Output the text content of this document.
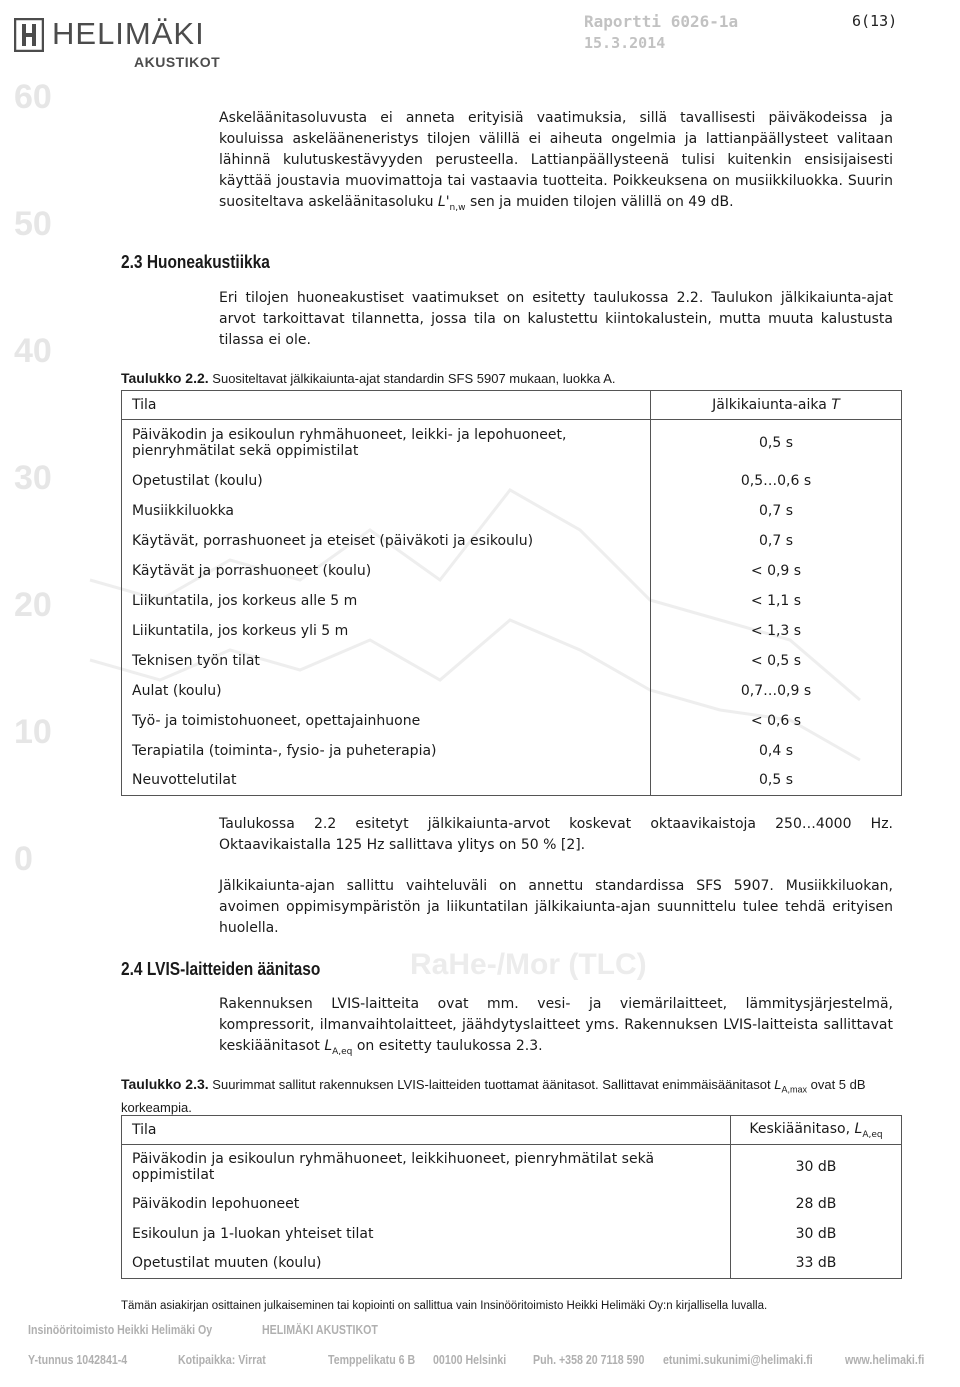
60
50
40
30
20
10
0
RaHe-/Mor (TLC)
HELIMÄKI
AKUSTIKOT
Raportti 6026-1a
15.3.2014
6(13)
Askeläänitasoluvusta ei anneta erityisiä vaatimuksia, sillä tavallisesti päiväkodeissa ja kouluissa askelääneneristys tilojen välillä ei aiheuta ongelmia ja lattianpäällysteet valitaan lähinnä kulutuskestävyyden perusteella. Lattianpäällysteenä tulisi kuitenkin ensisijaisesti käyttää joustavia muovimattoja tai vastaavia tuotteita. Poikkeuksena on musiikkiluokka. Suurin suositeltava askeläänitasoluku $L'_{n,w}$ sen ja muiden tilojen välillä on 49 dB.
2.3 Huoneakustiikka
Eri tilojen huoneakustiset vaatimukset on esitetty taulukossa 2.2. Taulukon jälkikaiunta-ajat arvot tarkoittavat tilannetta, jossa tila on kalustettu kiintokalustein, mutta muuta kalustusta tilassa ei ole.
Taulukko 2.2. Suositeltavat jälkikaiunta-ajat standardin SFS 5907 mukaan, luokka A.
Tila	Jälkikaiunta-aika T
Päiväkodin ja esikoulun ryhmähuoneet, leikki- ja lepohuoneet, pienryhmätilat sekä oppimistilat	0,5 s
Opetustilat (koulu)	0,5…0,6 s
Musiikkiluokka	0,7 s
Käytävät, porrashuoneet ja eteiset (päiväkoti ja esikoulu)	0,7 s
Käytävät ja porrashuoneet (koulu)	< 0,9 s
Liikuntatila, jos korkeus alle 5 m	< 1,1 s
Liikuntatila, jos korkeus yli 5 m	< 1,3 s
Teknisen työn tilat	< 0,5 s
Aulat (koulu)	0,7…0,9 s
Työ- ja toimistohuoneet, opettajainhuone	< 0,6 s
Terapiatila (toiminta-, fysio- ja puheterapia)	0,4 s
Neuvottelutilat	0,5 s
Taulukossa 2.2 esitetyt jälkikaiunta-arvot koskevat oktaavikaistoja 250…4000 Hz. Oktaavikaistalla 125 Hz sallittava ylitys on 50 % [2].
Jälkikaiunta-ajan sallittu vaihteluväli on annettu standardissa SFS 5907. Musiikkiluokan, avoimen oppimisympäristön ja liikuntatilan jälkikaiunta-ajan suunnittelu tulee tehdä erityisen huolella.
2.4 LVIS-laitteiden äänitaso
Rakennuksen LVIS-laitteita ovat mm. vesi- ja viemärilaitteet, lämmitysjärjestelmä, kompressorit, ilmanvaihtolaitteet, jäähdytyslaitteet yms. Rakennuksen LVIS-laitteista sallittavat keskiäänitasot $L_{A,eq}$ on esitetty taulukossa 2.3.
Taulukko 2.3. Suurimmat sallitut rakennuksen LVIS-laitteiden tuottamat äänitasot. Sallittavat enimmäisäänitasot $L_{A,max}$ ovat 5 dB korkeampia.
Tila	Keskiäänitaso, $L_{A,eq}$
Päiväkodin ja esikoulun ryhmähuoneet, leikkihuoneet, pienryhmätilat sekä oppimistilat	30 dB
Päiväkodin lepohuoneet	28 dB
Esikoulun ja 1-luokan yhteiset tilat	30 dB
Opetustilat muuten (koulu)	33 dB
Tämän asiakirjan osittainen julkaiseminen tai kopiointi on sallittua vain Insinööritoimisto Heikki Helimäki Oy:n kirjallisella luvalla.
Insinööritoimisto Heikki Helimäki Oy	HELIMÄKI AKUSTIKOT
Y-tunnus 1042841-4	Kotipaikka: Virrat	Temppelikatu 6 B 00100 Helsinki Puh. +358 20 7118 590 etunimi.sukunimi@helimaki.fi	www.helimaki.fi
